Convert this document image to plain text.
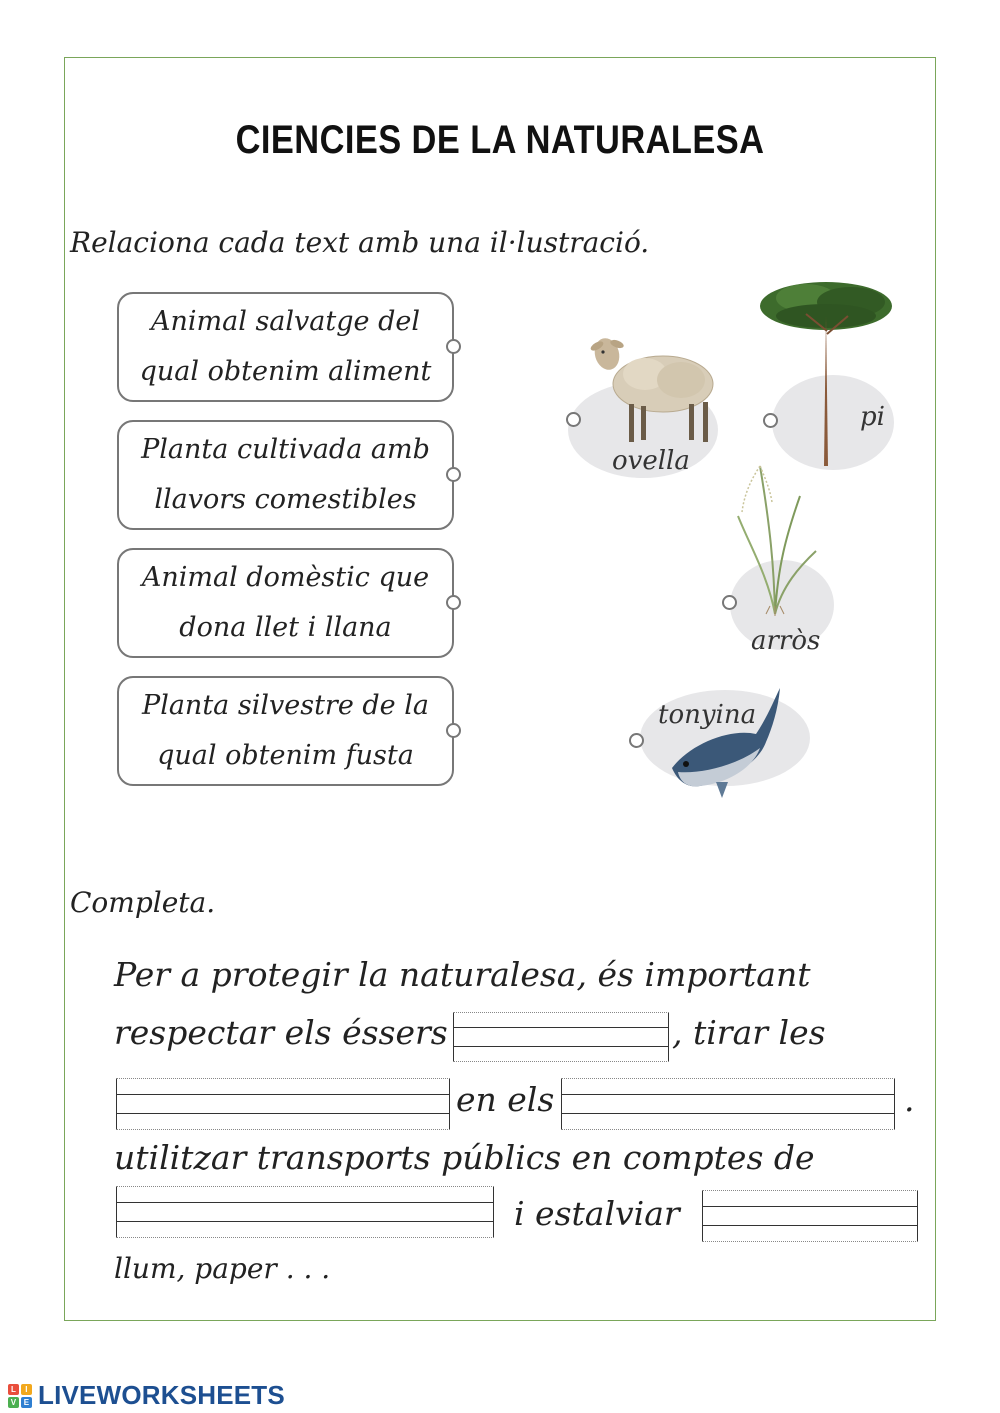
CIENCIES DE LA NATURALESA
Relaciona cada text amb una il·lustració.
Animal salvatge del
qual obtenim aliment
Planta cultivada amb
llavors comestibles
Animal domèstic que
dona llet i llana
Planta silvestre de la
qual obtenim fusta
ovella
pi
arròs
tonyina
Completa.
Per a protegir la naturalesa, és important
respectar els éssers	, tirar les
en els	.
utilitzar transports públics en comptes de
i estalviar
llum, paper . . .
L	I
V E LIVEWORKSHEETS
